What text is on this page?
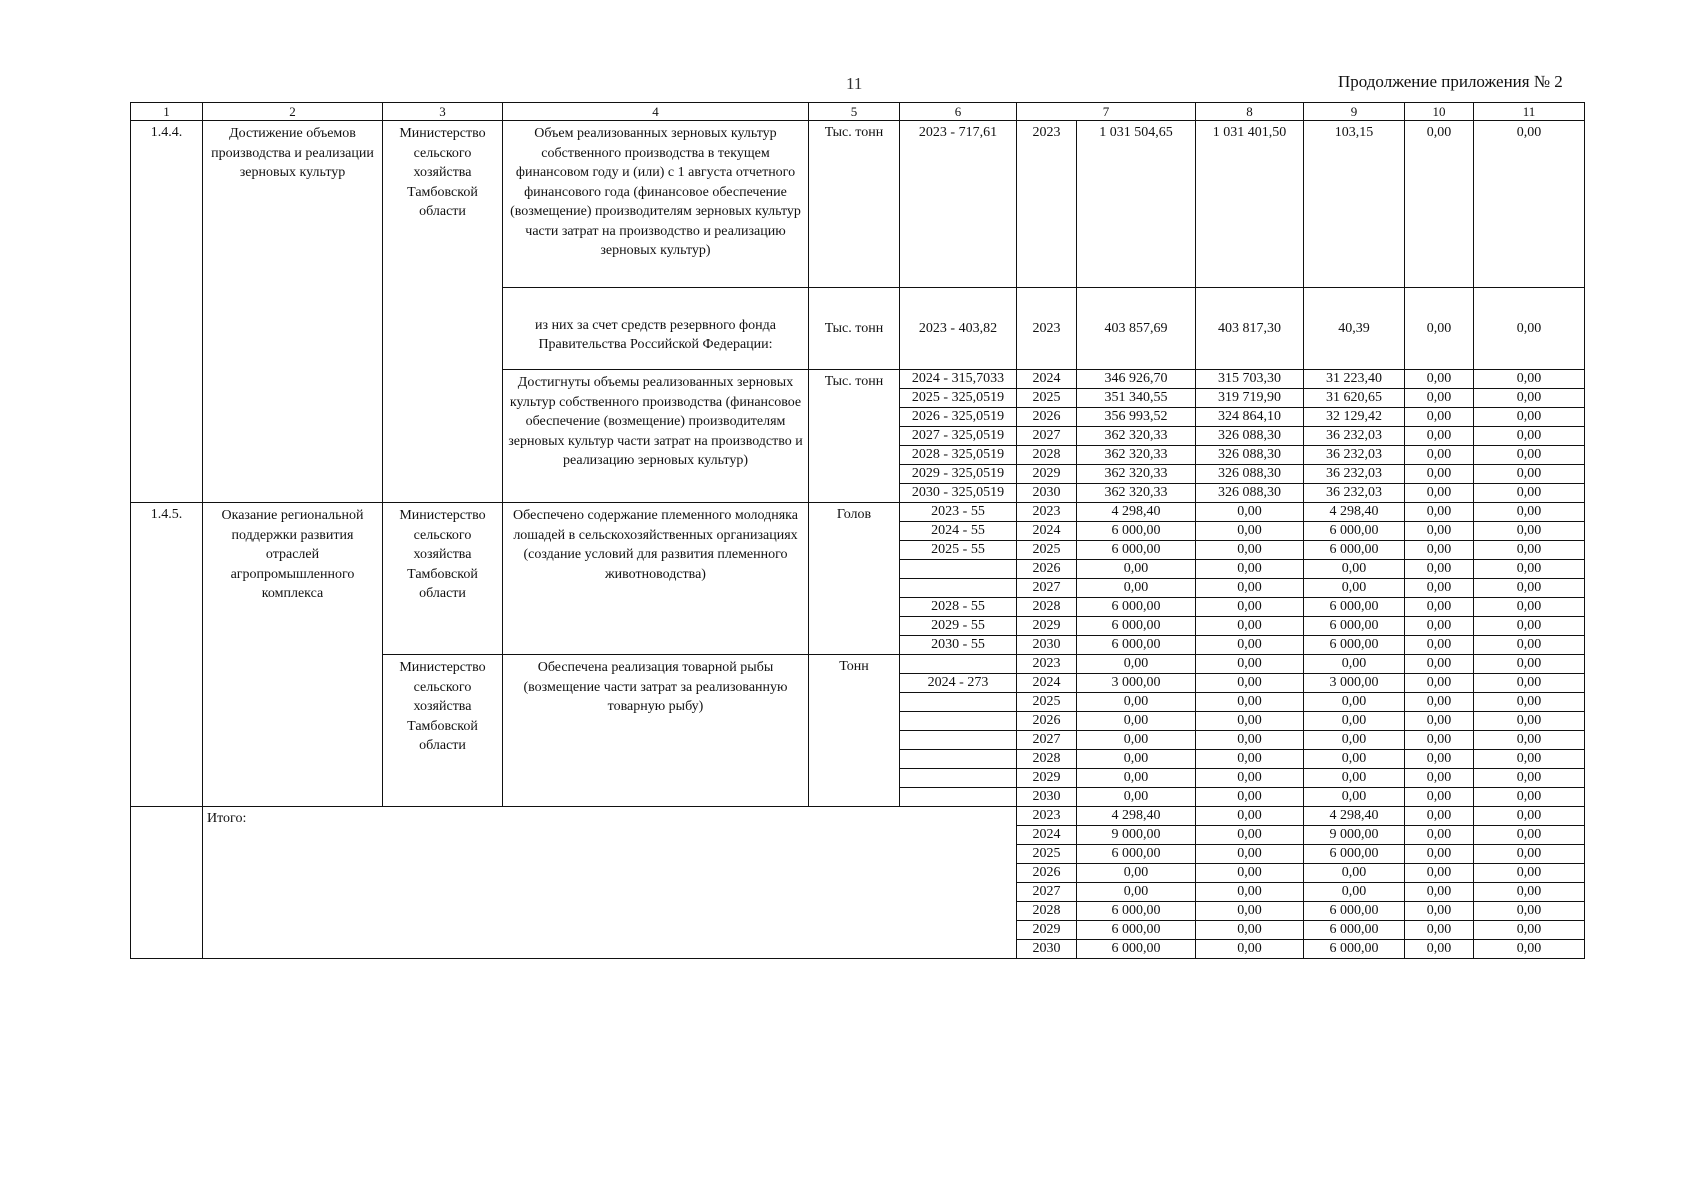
11	Продолжение приложения № 2
1	2	3	4	5	6	7		8	9	10	11
1.4.4.	Достижение объемов производства и реализации зерновых культур	Министерство сельского хозяйства Тамбовской области	Объем реализованных зерновых культур собственного производства в текущем финансовом году и (или) с 1 августа отчетного финансового года (финансовое обеспечение (возмещение) производителям зерновых культур части затрат на производство и реализацию зерновых культур)	Тыс. тонн	2023 - 717,61	2023	1 031 504,65	1 031 401,50	103,15	0,00	0,00
			из них за счет средств резервного фонда Правительства Российской Федерации:	Тыс. тонн	2023 - 403,82	2023	403 857,69	403 817,30	40,39	0,00	0,00
			Достигнуты объемы реализованных зерновых культур собственного производства (финансовое обеспечение (возмещение) производителям зерновых культур части затрат на производство и реализацию зерновых культур)	Тыс. тонн	2024 - 315,7033	2024	346 926,70	315 703,30	31 223,40	0,00	0,00
					2025 - 325,0519	2025	351 340,55	319 719,90	31 620,65	0,00	0,00
					2026 - 325,0519	2026	356 993,52	324 864,10	32 129,42	0,00	0,00
					2027 - 325,0519	2027	362 320,33	326 088,30	36 232,03	0,00	0,00
					2028 - 325,0519	2028	362 320,33	326 088,30	36 232,03	0,00	0,00
					2029 - 325,0519	2029	362 320,33	326 088,30	36 232,03	0,00	0,00
					2030 - 325,0519	2030	362 320,33	326 088,30	36 232,03	0,00	0,00
1.4.5.	Оказание региональной поддержки развития отраслей агропромышленного комплекса	Министерство сельского хозяйства Тамбовской области	Обеспечено содержание племенного молодняка лошадей в сельскохозяйственных организациях (создание условий для развития племенного животноводства)	Голов	2023 - 55	2023	4 298,40	0,00	4 298,40	0,00	0,00
					2024 - 55	2024	6 000,00	0,00	6 000,00	0,00	0,00
					2025 - 55	2025	6 000,00	0,00	6 000,00	0,00	0,00
						2026	0,00	0,00	0,00	0,00	0,00
						2027	0,00	0,00	0,00	0,00	0,00
					2028 - 55	2028	6 000,00	0,00	6 000,00	0,00	0,00
					2029 - 55	2029	6 000,00	0,00	6 000,00	0,00	0,00
					2030 - 55	2030	6 000,00	0,00	6 000,00	0,00	0,00
		Министерство сельского хозяйства Тамбовской области	Обеспечена реализация товарной рыбы (возмещение части затрат за реализованную товарную рыбу)	Тонн		2023	0,00	0,00	0,00	0,00	0,00
					2024 - 273	2024	3 000,00	0,00	3 000,00	0,00	0,00
						2025	0,00	0,00	0,00	0,00	0,00
						2026	0,00	0,00	0,00	0,00	0,00
						2027	0,00	0,00	0,00	0,00	0,00
						2028	0,00	0,00	0,00	0,00	0,00
						2029	0,00	0,00	0,00	0,00	0,00
						2030	0,00	0,00	0,00	0,00	0,00
	Итого:					2023	4 298,40	0,00	4 298,40	0,00	0,00
						2024	9 000,00	0,00	9 000,00	0,00	0,00
						2025	6 000,00	0,00	6 000,00	0,00	0,00
						2026	0,00	0,00	0,00	0,00	0,00
						2027	0,00	0,00	0,00	0,00	0,00
						2028	6 000,00	0,00	6 000,00	0,00	0,00
						2029	6 000,00	0,00	6 000,00	0,00	0,00
						2030	6 000,00	0,00	6 000,00	0,00	0,00
